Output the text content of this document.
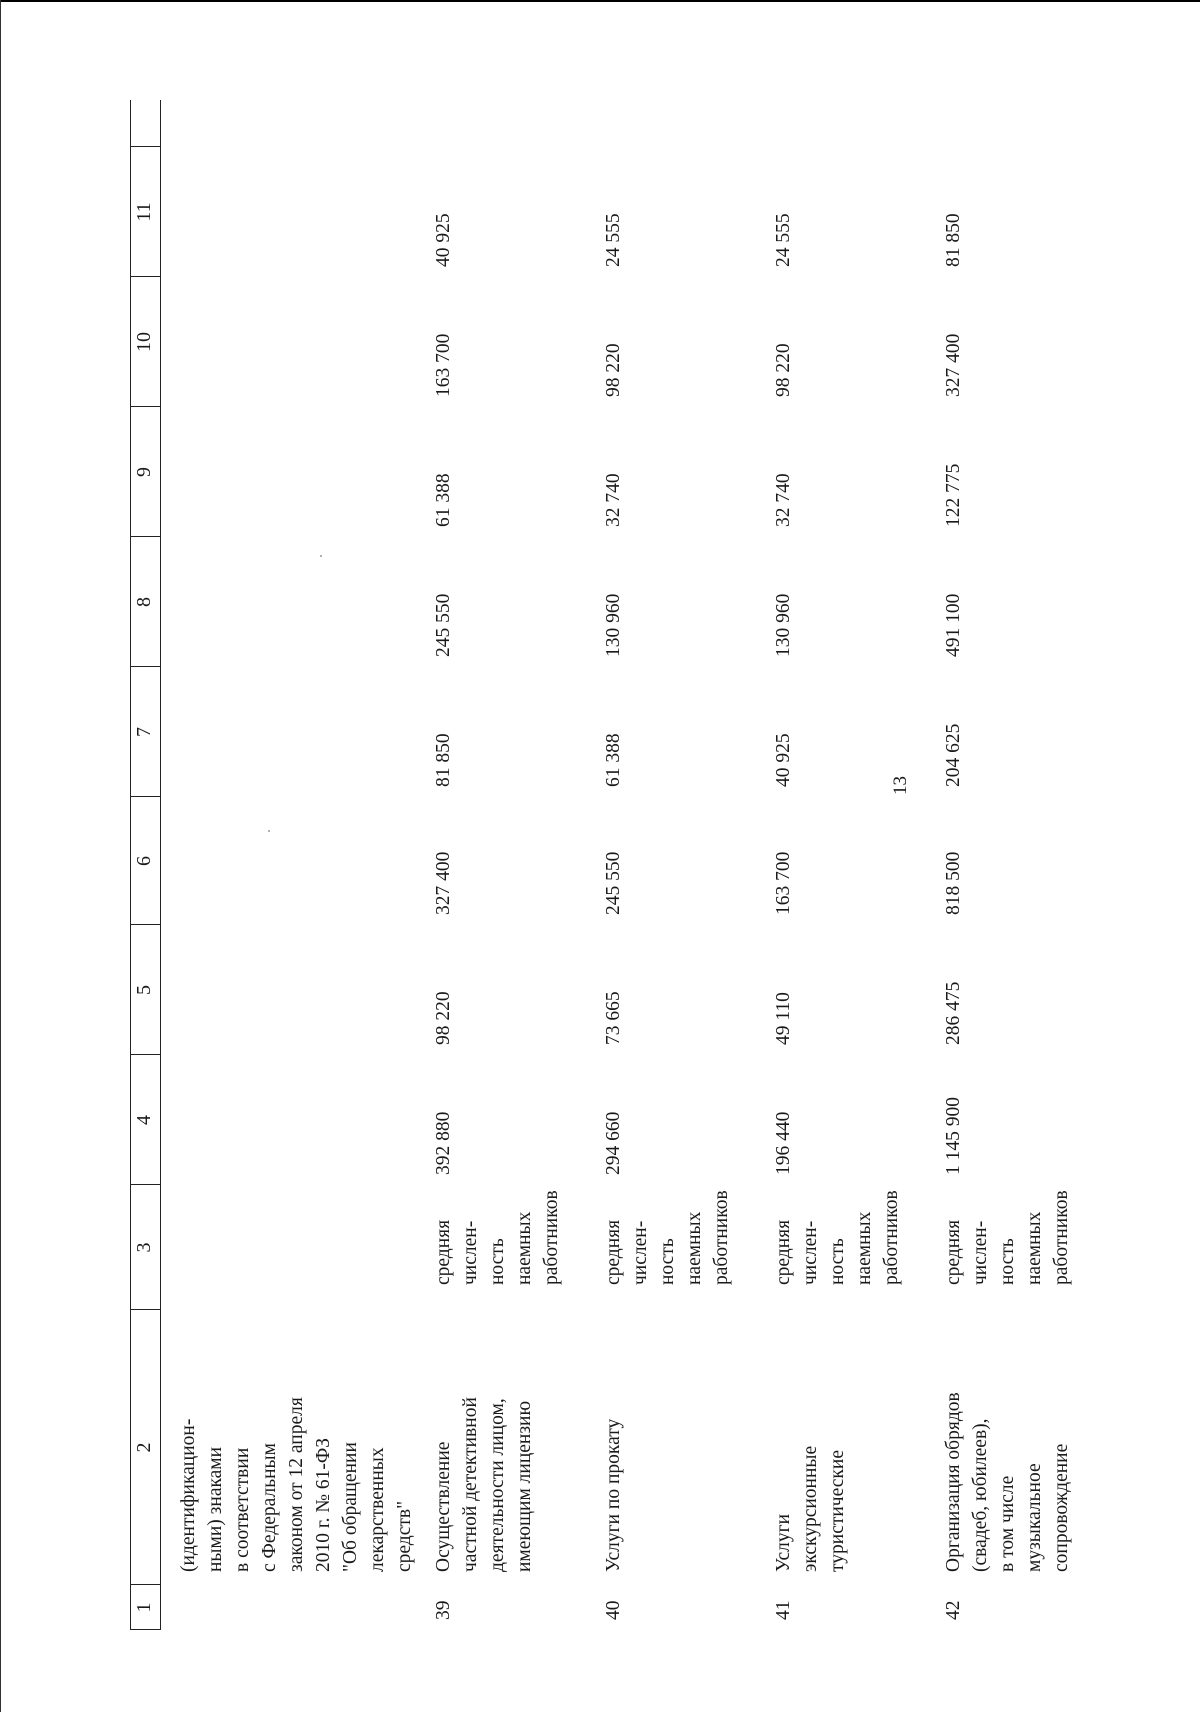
13
1
2
3
4
5
6
7
8
9
10
11
(идентификацион-
ными) знаками
в соответствии
с Федеральным
законом от 12 апреля
2010 г. № 61-ФЗ
"Об обращении
лекарственных
средств"
39
Осуществление
частной детективной
деятельности лицом,
имеющим лицензию
средняя
числен-
ность
наемных
работников
392 880
98 220
327 400
81 850
245 550
61 388
163 700
40 925
40
Услуги по прокату
средняя
числен-
ность
наемных
работников
294 660
73 665
245 550
61 388
130 960
32 740
98 220
24 555
41
Услуги
экскурсионные
туристические
средняя
числен-
ность
наемных
работников
196 440
49 110
163 700
40 925
130 960
32 740
98 220
24 555
42
Организация обрядов
(свадеб, юбилеев),
в том числе
музыкальное
сопровождение
средняя
числен-
ность
наемных
работников
1 145 900
286 475
818 500
204 625
491 100
122 775
327 400
81 850
